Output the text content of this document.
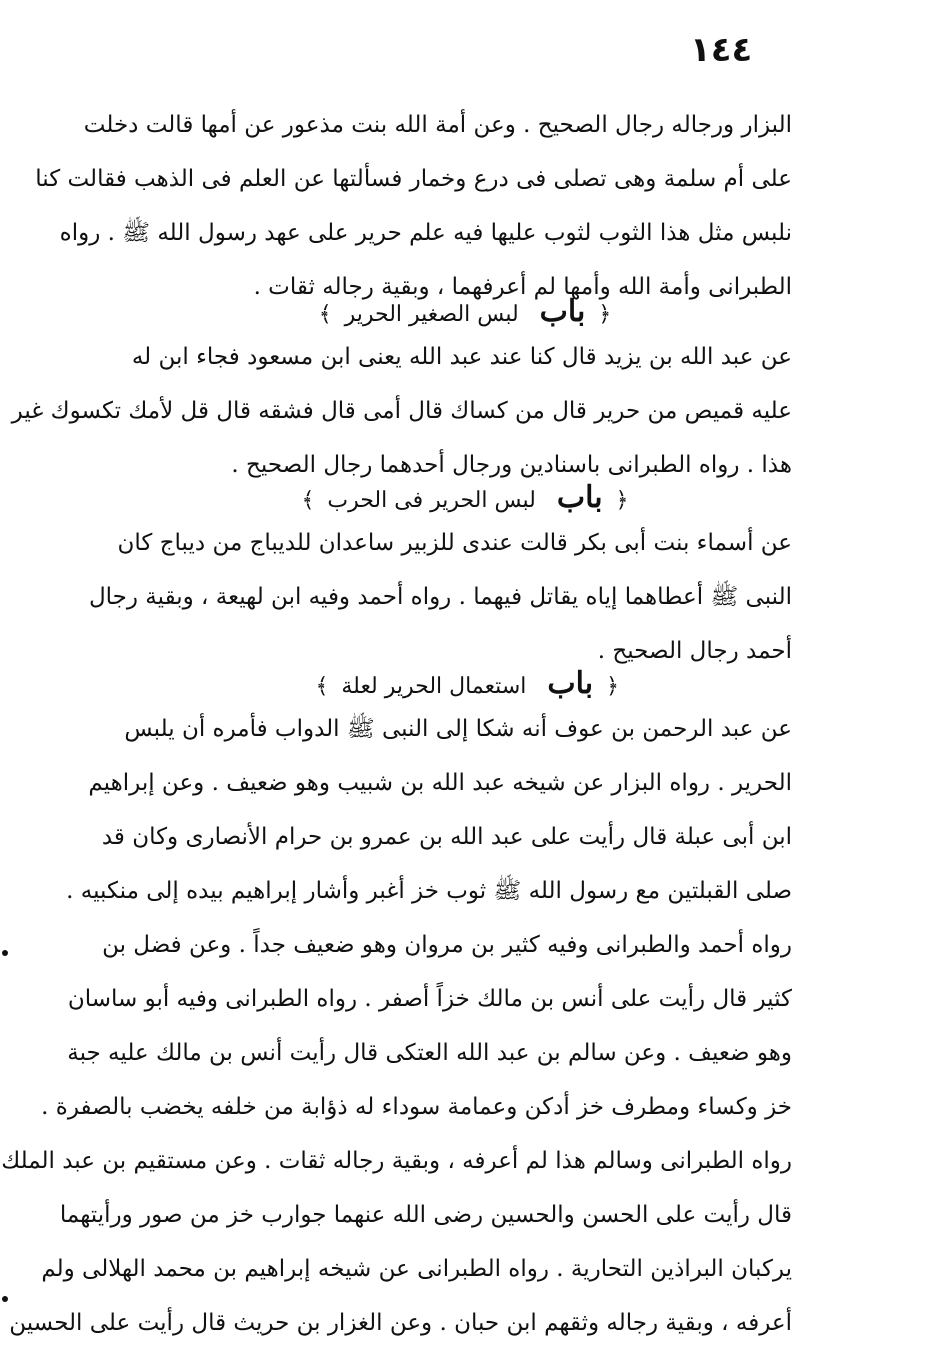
١٤٤
البزار ورجاله رجال الصحيح . وعن أمة الله بنت مذعور عن أمها قالت دخلت
على أم سلمة وهى تصلى فى درع وخمار فسألتها عن العلم فى الذهب فقالت كنا
نلبس مثل هذا الثوب لثوب عليها فيه علم حرير على عهد رسول الله ﷺ . رواه
الطبرانى وأمة الله وأمها لم أعرفهما ، وبقية رجاله ثقات .
﴿ باب لبس الصغير الحرير ﴾
عن عبد الله بن يزيد قال كنا عند عبد الله يعنى ابن مسعود فجاء ابن له
عليه قميص من حرير قال من كساك قال أمى قال فشقه قال قل لأمك تكسوك غير
هذا . رواه الطبرانى باسنادين ورجال أحدهما رجال الصحيح .
﴿ باب لبس الحرير فى الحرب ﴾
عن أسماء بنت أبى بكر قالت عندى للزبير ساعدان للديباج من ديباج كان
النبى ﷺ أعطاهما إياه يقاتل فيهما . رواه أحمد وفيه ابن لهيعة ، وبقية رجال
أحمد رجال الصحيح .
﴿ باب استعمال الحرير لعلة ﴾
عن عبد الرحمن بن عوف أنه شكا إلى النبى ﷺ الدواب فأمره أن يلبس
الحرير . رواه البزار عن شيخه عبد الله بن شبيب وهو ضعيف . وعن إبراهيم
ابن أبى عبلة قال رأيت على عبد الله بن عمرو بن حرام الأنصارى وكان قد
صلى القبلتين مع رسول الله ﷺ ثوب خز أغبر وأشار إبراهيم بيده إلى منكبيه .
رواه أحمد والطبرانى وفيه كثير بن مروان وهو ضعيف جداً . وعن فضل بن
كثير قال رأيت على أنس بن مالك خزاً أصفر . رواه الطبرانى وفيه أبو ساسان
وهو ضعيف . وعن سالم بن عبد الله العتكى قال رأيت أنس بن مالك عليه جبة
خز وكساء ومطرف خز أدكن وعمامة سوداء له ذؤابة من خلفه يخضب بالصفرة .
رواه الطبرانى وسالم هذا لم أعرفه ، وبقية رجاله ثقات . وعن مستقيم بن عبد الملك
قال رأيت على الحسن والحسين رضى الله عنهما جوارب خز من صور ورأيتهما
يركبان البراذين التحارية . رواه الطبرانى عن شيخه إبراهيم بن محمد الهلالى ولم
أعرفه ، وبقية رجاله وثقهم ابن حبان . وعن الغزار بن حريث قال رأيت على الحسين
